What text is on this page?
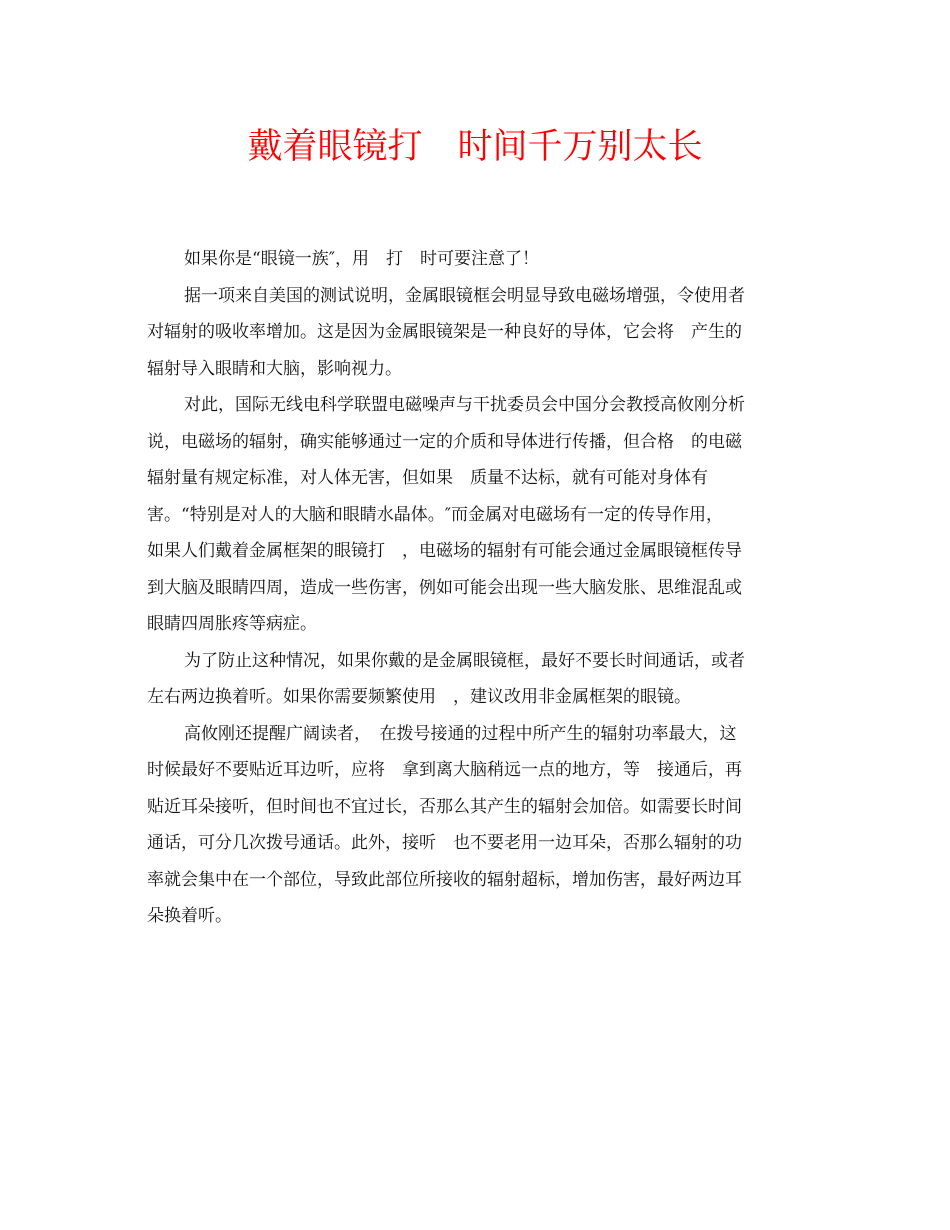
戴着眼镜打　时间千万别太长
如果你是“眼镜一族″，用　打　时可要注意了！
据一项来自美国的测试说明，金属眼镜框会明显导致电磁场增强，令使用者
对辐射的吸收率增加。这是因为金属眼镜架是一种良好的导体，它会将　产生的
辐射导入眼睛和大脑，影响视力。
对此，国际无线电科学联盟电磁噪声与干扰委员会中国分会教授高攸刚分析
说，电磁场的辐射，确实能够通过一定的介质和导体进行传播，但合格　的电磁
辐射量有规定标准，对人体无害，但如果　质量不达标，就有可能对身体有
害。“特别是对人的大脑和眼睛水晶体。″而金属对电磁场有一定的传导作用，
如果人们戴着金属框架的眼镜打　，电磁场的辐射有可能会通过金属眼镜框传导
到大脑及眼睛四周，造成一些伤害，例如可能会出现一些大脑发胀、思维混乱或
眼睛四周胀疼等病症。
为了防止这种情况，如果你戴的是金属眼镜框，最好不要长时间通话，或者
左右两边换着听。如果你需要频繁使用　，建议改用非金属框架的眼镜。
高攸刚还提醒广阔读者，　在拨号接通的过程中所产生的辐射功率最大，这
时候最好不要贴近耳边听，应将　拿到离大脑稍远一点的地方，等　接通后，再
贴近耳朵接听，但时间也不宜过长，否那么其产生的辐射会加倍。如需要长时间
通话，可分几次拨号通话。此外，接听　也不要老用一边耳朵，否那么辐射的功
率就会集中在一个部位，导致此部位所接收的辐射超标，增加伤害，最好两边耳
朵换着听。
